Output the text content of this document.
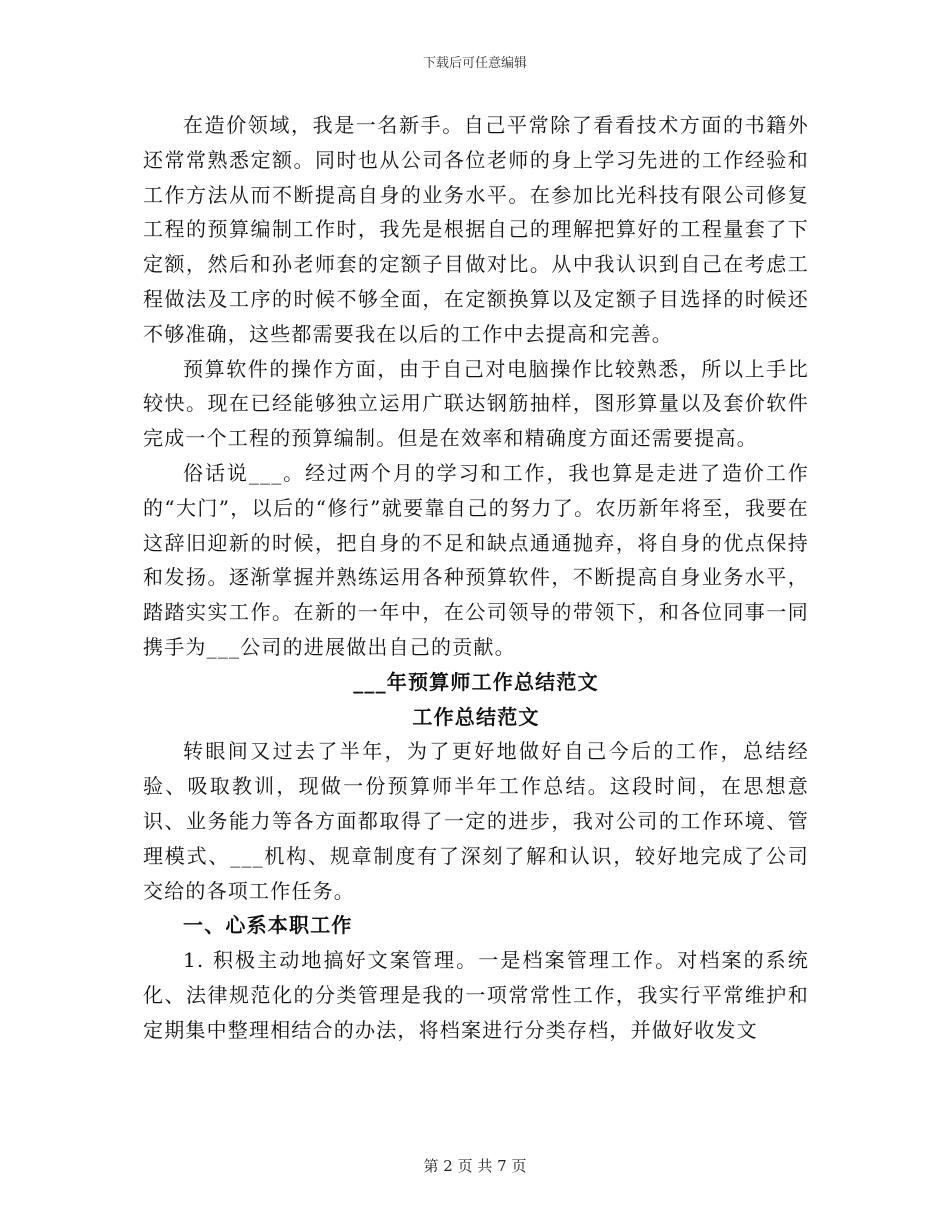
下载后可任意编辑

在造价领域，我是一名新手。自己平常除了看看技术方面的书籍外还常常熟悉定额。同时也从公司各位老师的身上学习先进的工作经验和工作方法从而不断提高自身的业务水平。在参加比光科技有限公司修复工程的预算编制工作时，我先是根据自己的理解把算好的工程量套了下定额，然后和孙老师套的定额子目做对比。从中我认识到自己在考虑工程做法及工序的时候不够全面，在定额换算以及定额子目选择的时候还不够准确，这些都需要我在以后的工作中去提高和完善。

预算软件的操作方面，由于自己对电脑操作比较熟悉，所以上手比较快。现在已经能够独立运用广联达钢筋抽样，图形算量以及套价软件完成一个工程的预算编制。但是在效率和精确度方面还需要提高。

俗话说___。经过两个月的学习和工作，我也算是走进了造价工作的“大门”，以后的“修行”就要靠自己的努力了。农历新年将至，我要在这辞旧迎新的时候，把自身的不足和缺点通通抛弃，将自身的优点保持和发扬。逐渐掌握并熟练运用各种预算软件，不断提高自身业务水平，踏踏实实工作。在新的一年中，在公司领导的带领下，和各位同事一同携手为___公司的进展做出自己的贡献。

___年预算师工作总结范文

工作总结范文

转眼间又过去了半年，为了更好地做好自己今后的工作，总结经验、吸取教训，现做一份预算师半年工作总结。这段时间，在思想意识、业务能力等各方面都取得了一定的进步，我对公司的工作环境、管理模式、___机构、规章制度有了深刻了解和认识，较好地完成了公司交给的各项工作任务。

一、心系本职工作

1. 积极主动地搞好文案管理。一是档案管理工作。对档案的系统化、法律规范化的分类管理是我的一项常常性工作，我实行平常维护和定期集中整理相结合的办法，将档案进行分类存档，并做好收发文

第 2 页 共 7 页
